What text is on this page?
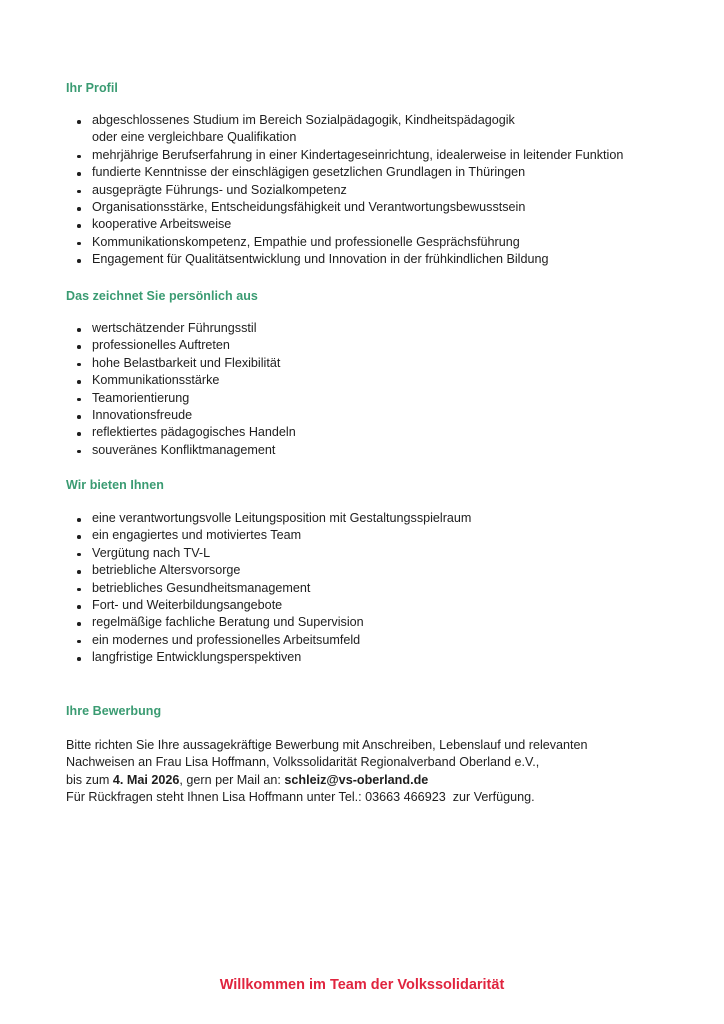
Ihr Profil
abgeschlossenes Studium im Bereich Sozialpädagogik, Kindheitspädagogik
oder eine vergleichbare Qualifikation
mehrjährige Berufserfahrung in einer Kindertageseinrichtung, idealerweise in leitender Funktion
fundierte Kenntnisse der einschlägigen gesetzlichen Grundlagen in Thüringen
ausgeprägte Führungs- und Sozialkompetenz
Organisationsstärke, Entscheidungsfähigkeit und Verantwortungsbewusstsein
kooperative Arbeitsweise
Kommunikationskompetenz, Empathie und professionelle Gesprächsführung
Engagement für Qualitätsentwicklung und Innovation in der frühkindlichen Bildung
Das zeichnet Sie persönlich aus
wertschätzender Führungsstil
professionelles Auftreten
hohe Belastbarkeit und Flexibilität
Kommunikationsstärke
Teamorientierung
Innovationsfreude
reflektiertes pädagogisches Handeln
souveränes Konfliktmanagement
Wir bieten Ihnen
eine verantwortungsvolle Leitungsposition mit Gestaltungsspielraum
ein engagiertes und motiviertes Team
Vergütung nach TV-L
betriebliche Altersvorsorge
betriebliches Gesundheitsmanagement
Fort- und Weiterbildungsangebote
regelmäßige fachliche Beratung und Supervision
ein modernes und professionelles Arbeitsumfeld
langfristige Entwicklungsperspektiven
Ihre Bewerbung

Bitte richten Sie Ihre aussagekräftige Bewerbung mit Anschreiben, Lebenslauf und relevanten
Nachweisen an Frau Lisa Hoffmann, Volkssolidarität Regionalverband Oberland e.V.,
bis zum 4. Mai 2026, gern per Mail an: schleiz@vs-oberland.de
Für Rückfragen steht Ihnen Lisa Hoffmann unter Tel.: 03663 466923  zur Verfügung.

Willkommen im Team der Volkssolidarität
